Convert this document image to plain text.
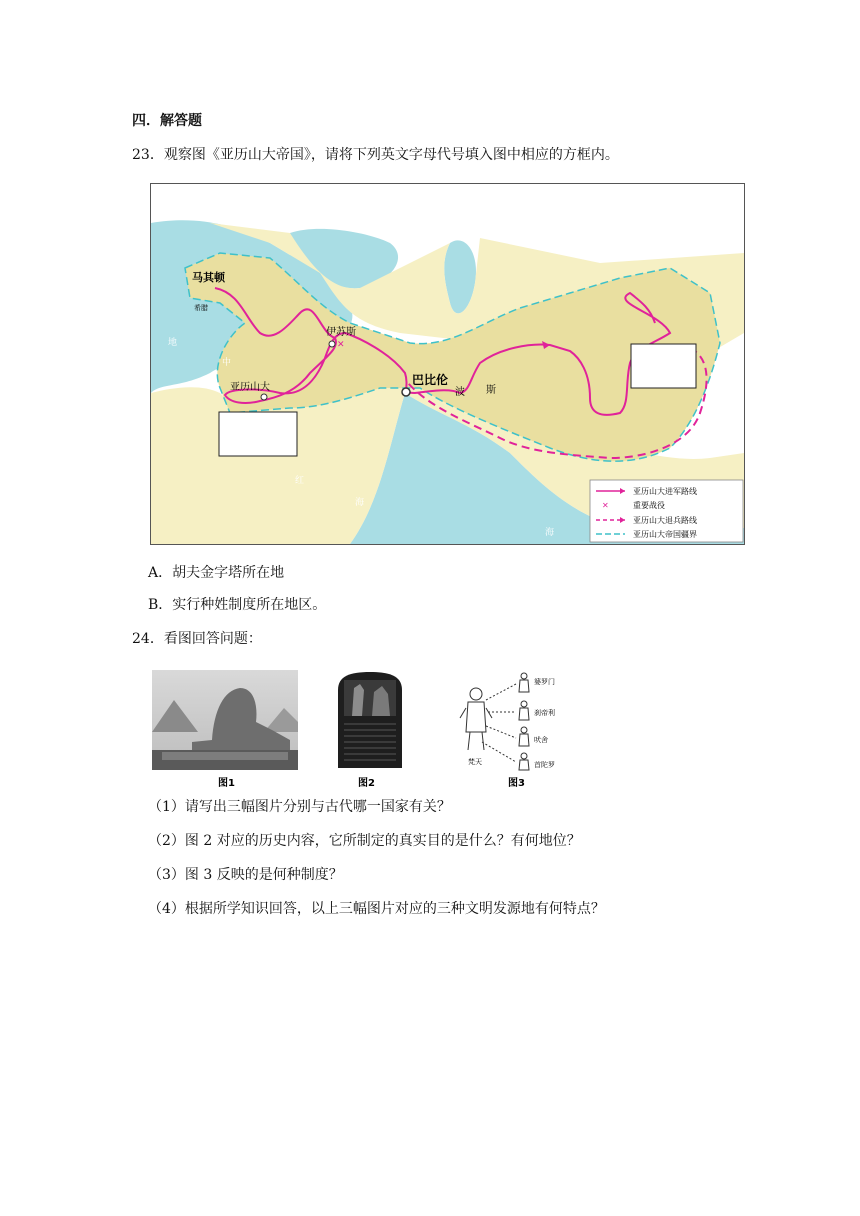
四．解答题
23．观察图《亚历山大帝国》，请将下列英文字母代号填入图中相应的方框内。
✕
马其顿
希腊
伊苏斯
亚历山大
巴比伦
波 斯
地
中
红
海
海
✕
亚历山大进军路线
重要战役
亚历山大退兵路线
亚历山大帝国疆界
A．胡夫金字塔所在地
B．实行种姓制度所在地区。
24．看图回答问题：
图1	图2
婆罗门
刹帝利
吠舍
首陀罗
梵天
图3
（1）请写出三幅图片分别与古代哪一国家有关？
（2）图 2 对应的历史内容，它所制定的真实目的是什么？有何地位？
（3）图 3 反映的是何种制度？
（4）根据所学知识回答，以上三幅图片对应的三种文明发源地有何特点？
